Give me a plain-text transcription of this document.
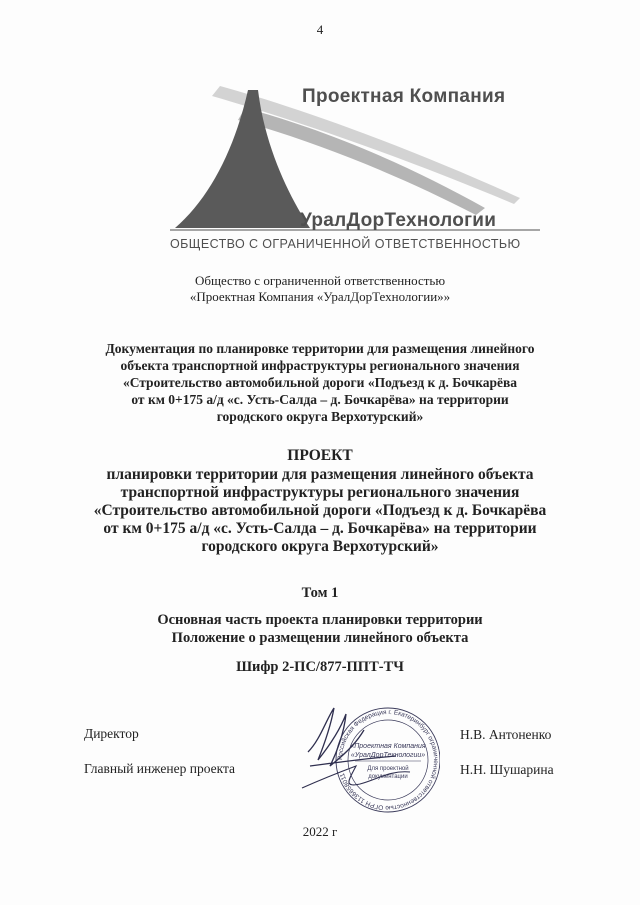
4
Проектная Компания
УралДорТехнологии
ОБЩЕСТВО С ОГРАНИЧЕННОЙ ОТВЕТСТВЕННОСТЬЮ
Общество с ограниченной ответственностью
«Проектная Компания «УралДорТехнологии»»
Документация по планировке территории для размещения линейного
объекта транспортной инфраструктуры регионального значения
«Строительство автомобильной дороги «Подъезд к д. Бочкарёва
от км 0+175 а/д «с. Усть-Салда – д. Бочкарёва» на территории
городского округа Верхотурский»
ПРОЕКТ
планировки территории для размещения линейного объекта
транспортной инфраструктуры регионального значения
«Строительство автомобильной дороги «Подъезд к д. Бочкарёва
от км 0+175 а/д «с. Усть-Салда – д. Бочкарёва» на территории
городского округа Верхотурский»
Том 1
Основная часть проекта планировки территории
Положение о размещении линейного объекта
Шифр 2-ПС/877-ППТ-ТЧ
Директор	Н.В. Антоненко
Главный инженер проекта	Н.Н. Шушарина
Российская Федерация г. Екатеринбург ограниченной ответственностью ОГРН 1136658011
«Проектная Компания
«УралДорТехнологии»
Для проектной
документации
2022 г
